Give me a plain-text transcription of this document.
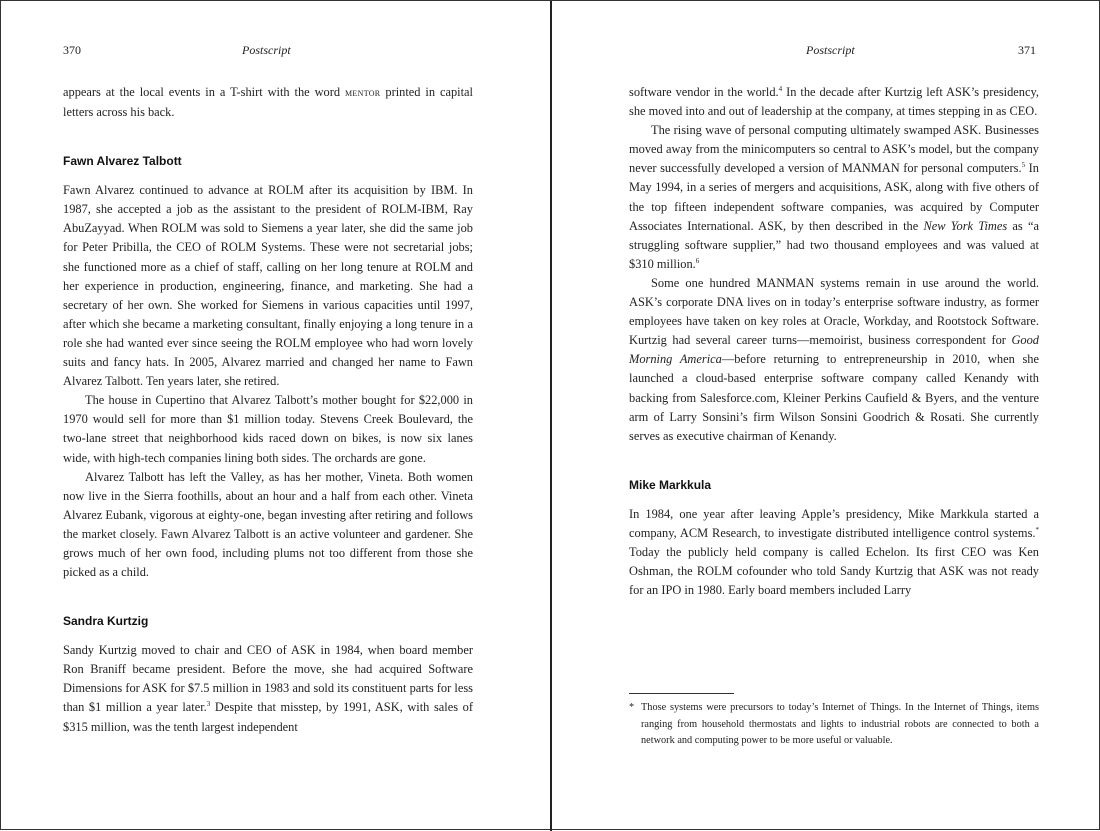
370	Postscript

appears at the local events in a T-shirt with the word mentor printed in capital letters across his back.

Fawn Alvarez Talbott

Fawn Alvarez continued to advance at ROLM after its acquisition by IBM. In 1987, she accepted a job as the assistant to the president of ROLM-IBM, Ray AbuZayyad. When ROLM was sold to Siemens a year later, she did the same job for Peter Pribilla, the CEO of ROLM Systems. These were not secretarial jobs; she functioned more as a chief of staff, calling on her long tenure at ROLM and her experience in production, engineering, finance, and marketing. She had a secretary of her own. She worked for Siemens in various capacities until 1997, after which she became a marketing consultant, finally enjoying a long tenure in a role she had wanted ever since seeing the ROLM employee who had worn lovely suits and fancy hats. In 2005, Alvarez married and changed her name to Fawn Alvarez Talbott. Ten years later, she retired.

The house in Cupertino that Alvarez Talbott’s mother bought for $22,000 in 1970 would sell for more than $1 million today. Stevens Creek Boulevard, the two-lane street that neighborhood kids raced down on bikes, is now six lanes wide, with high-tech companies lining both sides. The orchards are gone.

Alvarez Talbott has left the Valley, as has her mother, Vineta. Both women now live in the Sierra foothills, about an hour and a half from each other. Vineta Alvarez Eubank, vigorous at eighty-one, began investing after retiring and follows the market closely. Fawn Alvarez Talbott is an active volunteer and gardener. She grows much of her own food, including plums not too different from those she picked as a child.

Sandra Kurtzig

Sandy Kurtzig moved to chair and CEO of ASK in 1984, when board member Ron Braniff became president. Before the move, she had acquired Software Dimensions for ASK for $7.5 million in 1983 and sold its constituent parts for less than $1 million a year later.$^3$ Despite that misstep, by 1991, ASK, with sales of $315 million, was the tenth largest independent

Postscript	371

software vendor in the world.$^4$ In the decade after Kurtzig left ASK’s presidency, she moved into and out of leadership at the company, at times stepping in as CEO.

The rising wave of personal computing ultimately swamped ASK. Businesses moved away from the minicomputers so central to ASK’s model, but the company never successfully developed a version of MANMAN for personal computers.$^5$ In May 1994, in a series of mergers and acquisitions, ASK, along with five others of the top fifteen independent software companies, was acquired by Computer Associates International. ASK, by then described in the New York Times as “a struggling software supplier,” had two thousand employees and was valued at $310 million.$^6$

Some one hundred MANMAN systems remain in use around the world. ASK’s corporate DNA lives on in today’s enterprise software industry, as former employees have taken on key roles at Oracle, Workday, and Rootstock Software. Kurtzig had several career turns—memoirist, business correspondent for Good Morning America—before returning to entrepreneurship in 2010, when she launched a cloud-based enterprise software company called Kenandy with backing from Salesforce.com, Kleiner Perkins Caufield & Byers, and the venture arm of Larry Sonsini’s firm Wilson Sonsini Goodrich & Rosati. She currently serves as executive chairman of Kenandy.

Mike Markkula

In 1984, one year after leaving Apple’s presidency, Mike Markkula started a company, ACM Research, to investigate distributed intelligence control systems.* Today the publicly held company is called Echelon. Its first CEO was Ken Oshman, the ROLM cofounder who told Sandy Kurtzig that ASK was not ready for an IPO in 1980. Early board members included Larry

* Those systems were precursors to today’s Internet of Things. In the Internet of Things, items ranging from household thermostats and lights to industrial robots are connected to both a network and computing power to be more useful or valuable.
